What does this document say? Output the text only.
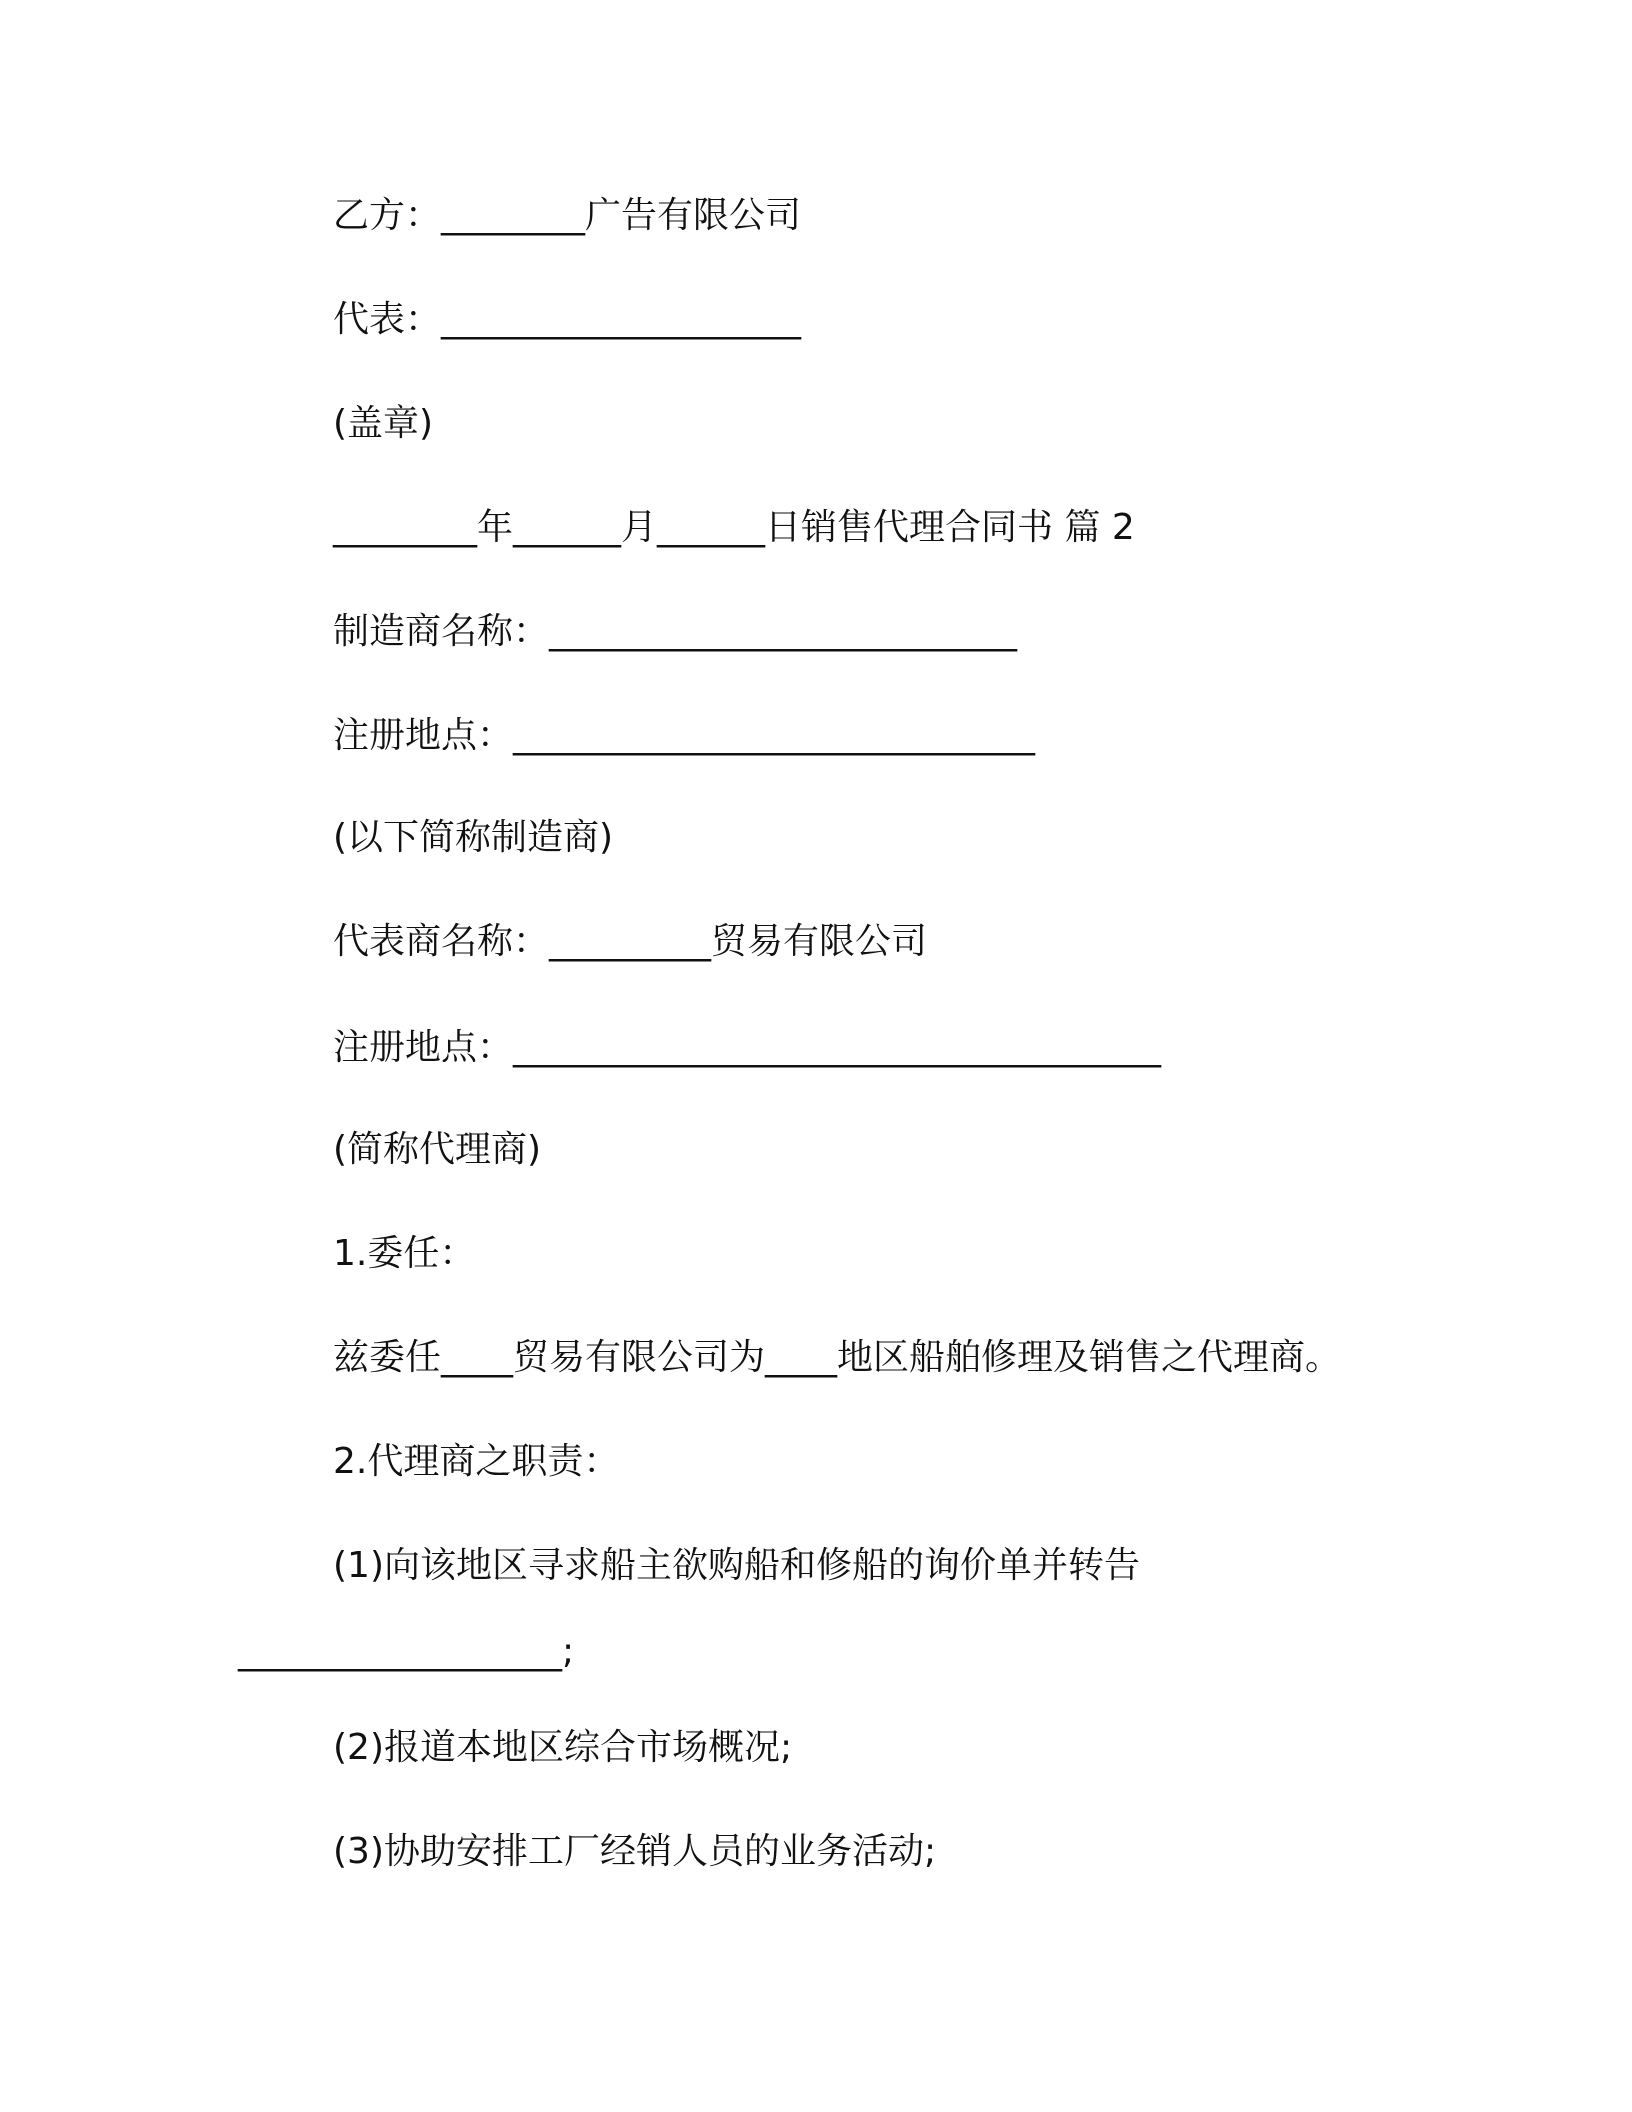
乙方：________广告有限公司
代表：____________________
(盖章)
________年______月______日销售代理合同书 篇 2
制造商名称：__________________________
注册地点：_____________________________
(以下简称制造商)
代表商名称：_________贸易有限公司
注册地点：____________________________________
(简称代理商)
1.委任：
兹委任____贸易有限公司为____地区船舶修理及销售之代理商。
2.代理商之职责：
(1)向该地区寻求船主欲购船和修船的询价单并转告
__________________;
(2)报道本地区综合市场概况;
(3)协助安排工厂经销人员的业务活动;
